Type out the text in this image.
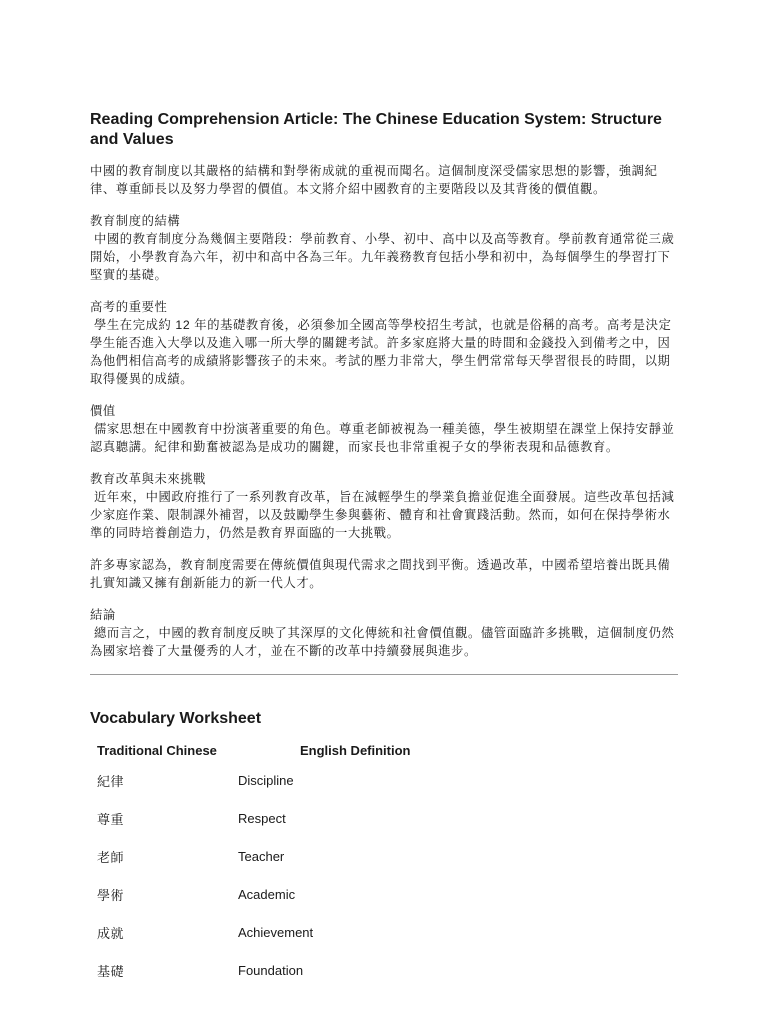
Reading Comprehension Article: The Chinese Education System: Structure and Values

中國的教育制度以其嚴格的結構和對學術成就的重視而聞名。這個制度深受儒家思想的影響，強調紀律、尊重師長以及努力學習的價值。本文將介紹中國教育的主要階段以及其背後的價值觀。

教育制度的結構
中國的教育制度分為幾個主要階段：學前教育、小學、初中、高中以及高等教育。學前教育通常從三歲開始，小學教育為六年，初中和高中各為三年。九年義務教育包括小學和初中，為每個學生的學習打下堅實的基礎。
高考的重要性
學生在完成約 12 年的基礎教育後，必須參加全國高等學校招生考試，也就是俗稱的高考。高考是決定學生能否進入大學以及進入哪一所大學的關鍵考試。許多家庭將大量的時間和金錢投入到備考之中，因為他們相信高考的成績將影響孩子的未來。考試的壓力非常大，學生們常常每天學習很長的時間，以期取得優異的成績。
價值
儒家思想在中國教育中扮演著重要的角色。尊重老師被視為一種美德，學生被期望在課堂上保持安靜並認真聽講。紀律和勤奮被認為是成功的關鍵，而家長也非常重視子女的學術表現和品德教育。
教育改革與未來挑戰
近年來，中國政府推行了一系列教育改革，旨在減輕學生的學業負擔並促進全面發展。這些改革包括減少家庭作業、限制課外補習，以及鼓勵學生參與藝術、體育和社會實踐活動。然而，如何在保持學術水準的同時培養創造力，仍然是教育界面臨的一大挑戰。

許多專家認為，教育制度需要在傳統價值與現代需求之間找到平衡。透過改革，中國希望培養出既具備扎實知識又擁有創新能力的新一代人才。

結論
總而言之，中國的教育制度反映了其深厚的文化傳統和社會價值觀。儘管面臨許多挑戰，這個制度仍然為國家培養了大量優秀的人才，並在不斷的改革中持續發展與進步。
Vocabulary Worksheet
Traditional Chinese	English Definition
紀律	Discipline
尊重	Respect
老師	Teacher
學術	Academic
成就	Achievement
基礎	Foundation
